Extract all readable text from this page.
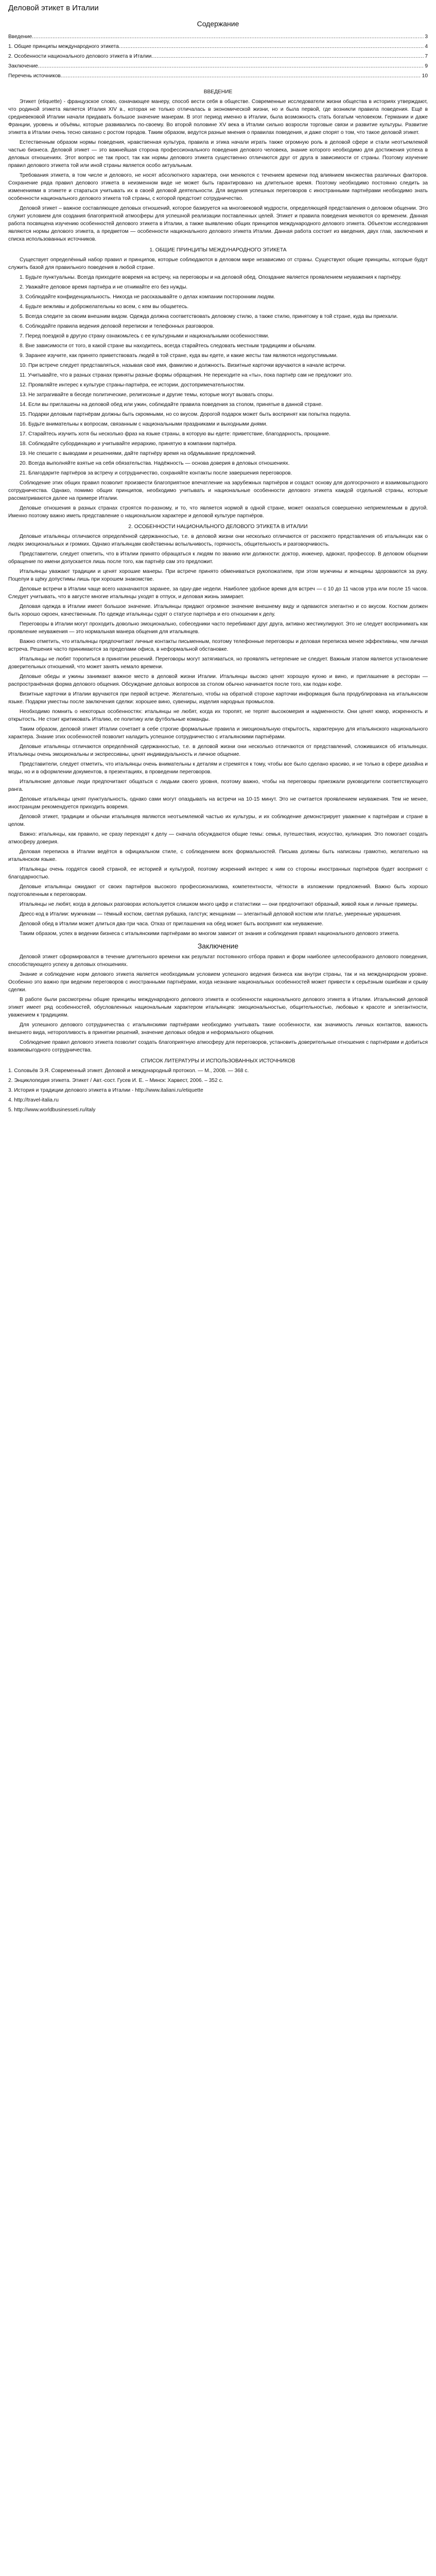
Деловой этикет в Италии
Содержание
Введение .....	3
1. Общие принципы международного этикета .....	4
2. Особенности национального делового этикета в Италии .....	7
Заключение .....	9
Перечень источников .....	10
ВВЕДЕНИЕ

Этикет (etiquette) - французское слово, означающее манеру, способ вести себя в обществе. Современные исследователи жизни общества в историях утверждают, что родиной этикета является Италия XIV в., которая не только отличалась в экономической жизни, но и была первой, где возникли правила поведения. Ещё в средневековой Италии начали придавать большое значение манерам. В этот период именно в Италии, была возможность стать богатым человеком. Германии и даже Франции, уровень и объёмы, которые развивались по-своему. Во второй половине XV века в Италии сильно возросли торговые связи и развитие культуры. Развитие этикета в Италии очень тесно связано с ростом городов. Таким образом, ведутся разные мнения о правилах поведения, и даже спорят о том, что такое деловой этикет.

Естественным образом нормы поведения, нравственная культура, правила и этика начали играть также огромную роль в деловой сфере и стали неотъемлемой частью бизнеса. Деловой этикет — это важнейшая сторона профессионального поведения делового человека, знание которого необходимо для достижения успеха в деловых отношениях. Этот вопрос не так прост, так как нормы делового этикета существенно отличаются друг от друга в зависимости от страны. Поэтому изучение правил делового этикета той или иной страны является особо актуальным.

Требования этикета, в том числе и делового, не носят абсолютного характера, они меняются с течением времени под влиянием множества различных факторов. Сохранение ряда правил делового этикета в неизменном виде не может быть гарантировано на длительное время. Поэтому необходимо постоянно следить за изменениями в этикете и стараться учитывать их в своей деловой деятельности. Для ведения успешных переговоров с иностранными партнёрами необходимо знать особенности национального делового этикета той страны, с которой предстоит сотрудничество.

Деловой этикет – важное составляющее деловых отношений, которое базируется на многовековой мудрости, определяющей представления о деловом общении. Это служит условием для создания благоприятной атмосферы для успешной реализации поставленных целей. Этикет и правила поведения меняются со временем. Данная работа посвящена изучению особенностей делового этикета в Италии, а также выявлению общих принципов международного делового этикета. Объектом исследования являются нормы делового этикета, а предметом — особенности национального делового этикета Италии. Данная работа состоит из введения, двух глав, заключения и списка использованных источников.

1. ОБЩИЕ ПРИНЦИПЫ МЕЖДУНАРОДНОГО ЭТИКЕТА

Существует определённый набор правил и принципов, которые соблюдаются в деловом мире независимо от страны. Существуют общие принципы, которые будут служить базой для правильного поведения в любой стране.

1. Будьте пунктуальны. Всегда приходите вовремя на встречу, на переговоры и на деловой обед. Опоздание является проявлением неуважения к партнёру.

2. Уважайте деловое время партнёра и не отнимайте его без нужды.

3. Соблюдайте конфиденциальность. Никогда не рассказывайте о делах компании посторонним людям.

4. Будьте вежливы и доброжелательны ко всем, с кем вы общаетесь.

5. Всегда следите за своим внешним видом. Одежда должна соответствовать деловому стилю, а также стилю, принятому в той стране, куда вы приехали.

6. Соблюдайте правила ведения деловой переписки и телефонных разговоров.

7. Перед поездкой в другую страну ознакомьтесь с ее культурными и национальными особенностями.

8. Вне зависимости от того, в какой стране вы находитесь, всегда старайтесь следовать местным традициям и обычаям.

9. Заранее изучите, как принято приветствовать людей в той стране, куда вы едете, и какие жесты там являются недопустимыми.

10. При встрече следует представляться, называя своё имя, фамилию и должность. Визитные карточки вручаются в начале встречи.

11. Учитывайте, что в разных странах приняты разные формы обращения. Не переходите на «ты», пока партнёр сам не предложит это.

12. Проявляйте интерес к культуре страны-партнёра, ее истории, достопримечательностям.

13. Не затрагивайте в беседе политические, религиозные и другие темы, которые могут вызвать споры.

14. Если вы приглашены на деловой обед или ужин, соблюдайте правила поведения за столом, принятые в данной стране.

15. Подарки деловым партнёрам должны быть скромными, но со вкусом. Дорогой подарок может быть воспринят как попытка подкупа.

16. Будьте внимательны к вопросам, связанным с национальными праздниками и выходными днями.

17. Старайтесь изучить хотя бы несколько фраз на языке страны, в которую вы едете: приветствие, благодарность, прощание.

18. Соблюдайте субординацию и учитывайте иерархию, принятую в компании партнёра.

19. Не спешите с выводами и решениями, дайте партнёру время на обдумывание предложений.

20. Всегда выполняйте взятые на себя обязательства. Надёжность — основа доверия в деловых отношениях.

21. Благодарите партнёров за встречу и сотрудничество, сохраняйте контакты после завершения переговоров.

Соблюдение этих общих правил позволит произвести благоприятное впечатление на зарубежных партнёров и создаст основу для долгосрочного и взаимовыгодного сотрудничества. Однако, помимо общих принципов, необходимо учитывать и национальные особенности делового этикета каждой отдельной страны, которые рассматриваются далее на примере Италии.

Деловые отношения в разных странах строятся по-разному, и то, что является нормой в одной стране, может оказаться совершенно неприемлемым в другой. Именно поэтому важно иметь представление о национальном характере и деловой культуре партнёров.

2. ОСОБЕННОСТИ НАЦИОНАЛЬНОГО ДЕЛОВОГО ЭТИКЕТА В ИТАЛИИ

Деловые итальянцы отличаются определённой сдержанностью, т.е. в деловой жизни они несколько отличаются от расхожего представления об итальянцах как о людях эмоциональных и громких. Однако итальянцам свойственны вспыльчивость, горячность, общительность и разговорчивость.

Представители, следует отметить, что в Италии принято обращаться к людям по званию или должности: доктор, инженер, адвокат, профессор. В деловом общении обращение по имени допускается лишь после того, как партнёр сам это предложит.

Итальянцы уважают традиции и ценят хорошие манеры. При встрече принято обмениваться рукопожатием, при этом мужчины и женщины здороваются за руку. Поцелуи в щёку допустимы лишь при хорошем знакомстве.

Деловые встречи в Италии чаще всего назначаются заранее, за одну-две недели. Наиболее удобное время для встреч — с 10 до 11 часов утра или после 15 часов. Следует учитывать, что в августе многие итальянцы уходят в отпуск, и деловая жизнь замирает.

Деловая одежда в Италии имеет большое значение. Итальянцы придают огромное значение внешнему виду и одеваются элегантно и со вкусом. Костюм должен быть хорошо скроен, качественным. По одежде итальянцы судят о статусе партнёра и его отношении к делу.

Переговоры в Италии могут проходить довольно эмоционально, собеседники часто перебивают друг друга, активно жестикулируют. Это не следует воспринимать как проявление неуважения — это нормальная манера общения для итальянцев.

Важно отметить, что итальянцы предпочитают личные контакты письменным, поэтому телефонные переговоры и деловая переписка менее эффективны, чем личная встреча. Решения часто принимаются за пределами офиса, в неформальной обстановке.

Итальянцы не любят торопиться в принятии решений. Переговоры могут затягиваться, но проявлять нетерпение не следует. Важным этапом является установление доверительных отношений, что может занять немало времени.

Деловые обеды и ужины занимают важное место в деловой жизни Италии. Итальянцы высоко ценят хорошую кухню и вино, и приглашение в ресторан — распространённая форма делового общения. Обсуждение деловых вопросов за столом обычно начинается после того, как подан кофе.

Визитные карточки в Италии вручаются при первой встрече. Желательно, чтобы на обратной стороне карточки информация была продублирована на итальянском языке. Подарки уместны после заключения сделки: хорошее вино, сувениры, изделия народных промыслов.

Необходимо помнить о некоторых особенностях: итальянцы не любят, когда их торопят, не терпят высокомерия и надменности. Они ценят юмор, искренность и открытость. Не стоит критиковать Италию, ее политику или футбольные команды.

Таким образом, деловой этикет Италии сочетает в себе строгие формальные правила и эмоциональную открытость, характерную для итальянского национального характера. Знание этих особенностей позволит наладить успешное сотрудничество с итальянскими партнёрами.

Деловые итальянцы отличаются определённой сдержанностью, т.е. в деловой жизни они несколько отличаются от представлений, сложившихся об итальянцах. Итальянцы очень эмоциональны и экспрессивны, ценят индивидуальность и личное общение.

Представители, следует отметить, что итальянцы очень внимательны к деталям и стремятся к тому, чтобы все было сделано красиво, и не только в сфере дизайна и моды, но и в оформлении документов, в презентациях, в проведении переговоров.

Итальянские деловые люди предпочитают общаться с людьми своего уровня, поэтому важно, чтобы на переговоры приезжали руководители соответствующего ранга.

Деловые итальянцы ценят пунктуальность, однако сами могут опаздывать на встречи на 10-15 минут. Это не считается проявлением неуважения. Тем не менее, иностранцам рекомендуется приходить вовремя.

Деловой этикет, традиции и обычаи итальянцев являются неотъемлемой частью их культуры, и их соблюдение демонстрирует уважение к партнёрам и стране в целом.

Важно: итальянцы, как правило, не сразу переходят к делу — сначала обсуждаются общие темы: семья, путешествия, искусство, кулинария. Это помогает создать атмосферу доверия.

Деловая переписка в Италии ведётся в официальном стиле, с соблюдением всех формальностей. Письма должны быть написаны грамотно, желательно на итальянском языке.

Итальянцы очень гордятся своей страной, ее историей и культурой, поэтому искренний интерес к ним со стороны иностранных партнёров будет воспринят с благодарностью.

Деловые итальянцы ожидают от своих партнёров высокого профессионализма, компетентности, чёткости в изложении предложений. Важно быть хорошо подготовленным к переговорам.

Итальянцы не любят, когда в деловых разговорах используется слишком много цифр и статистики — они предпочитают образный, живой язык и личные примеры.

Дресс-код в Италии: мужчинам — тёмный костюм, светлая рубашка, галстук; женщинам — элегантный деловой костюм или платье, умеренные украшения.

Деловой обед в Италии может длиться два-три часа. Отказ от приглашения на обед может быть воспринят как неуважение.

Таким образом, успех в ведении бизнеса с итальянскими партнёрами во многом зависит от знания и соблюдения правил национального делового этикета.

Заключение

Деловой этикет сформировался в течение длительного времени как результат постоянного отбора правил и форм наиболее целесообразного делового поведения, способствующего успеху в деловых отношениях.

Знание и соблюдение норм делового этикета является необходимым условием успешного ведения бизнеса как внутри страны, так и на международном уровне. Особенно это важно при ведении переговоров с иностранными партнёрами, когда незнание национальных особенностей может привести к серьёзным ошибкам и срыву сделки.

В работе были рассмотрены общие принципы международного делового этикета и особенности национального делового этикета в Италии. Итальянский деловой этикет имеет ряд особенностей, обусловленных национальным характером итальянцев: эмоциональностью, общительностью, любовью к красоте и элегантности, уважением к традициям.

Для успешного делового сотрудничества с итальянскими партнёрами необходимо учитывать такие особенности, как значимость личных контактов, важность внешнего вида, неторопливость в принятии решений, значение деловых обедов и неформального общения.

Соблюдение правил делового этикета позволит создать благоприятную атмосферу для переговоров, установить доверительные отношения с партнёрами и добиться взаимовыгодного сотрудничества.

СПИСОК ЛИТЕРАТУРЫ И ИСПОЛЬЗОВАННЫХ ИСТОЧНИКОВ
1. Соловьёв Э.Я. Современный этикет. Деловой и международный протокол. — М., 2008. — 368 с.
2. Энциклопедия этикета. Этикет / Авт.-сост. Гусев И. Е. – Минск: Харвест, 2006. – 352 с.
3. История и традиции делового этикета в Италии - http://www.italiani.ru/etiquette
4. http://travel-italia.ru
5. http://www.worldbusinesseti.ru/italy
